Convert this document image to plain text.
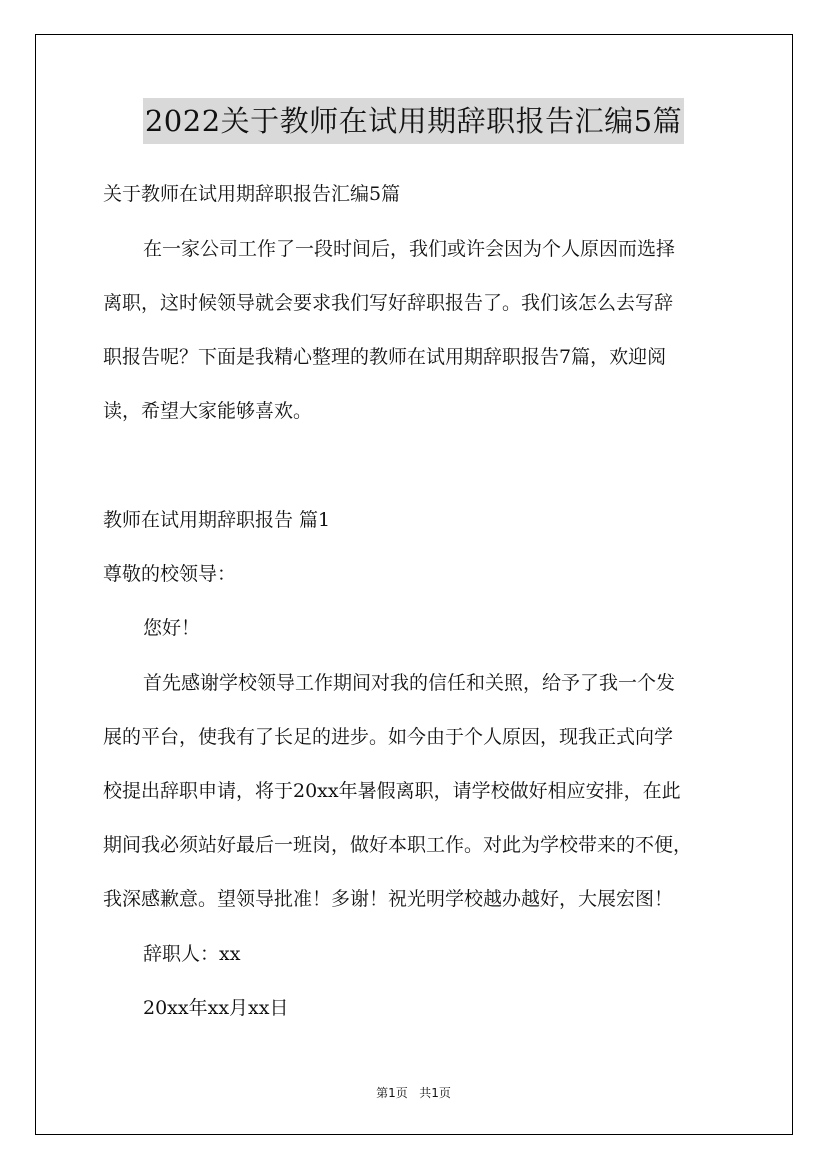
2022关于教师在试用期辞职报告汇编5篇
关于教师在试用期辞职报告汇编5篇
在一家公司工作了一段时间后，我们或许会因为个人原因而选择
离职，这时候领导就会要求我们写好辞职报告了。我们该怎么去写辞
职报告呢？下面是我精心整理的教师在试用期辞职报告7篇，欢迎阅
读，希望大家能够喜欢。
教师在试用期辞职报告 篇1
尊敬的校领导：
您好！
首先感谢学校领导工作期间对我的信任和关照，给予了我一个发
展的平台，使我有了长足的进步。如今由于个人原因，现我正式向学
校提出辞职申请，将于20xx年暑假离职，请学校做好相应安排，在此
期间我必须站好最后一班岗，做好本职工作。对此为学校带来的不便，
我深感歉意。望领导批准！多谢！祝光明学校越办越好，大展宏图！
辞职人：xx
20xx年xx月xx日
第1页 共1页
